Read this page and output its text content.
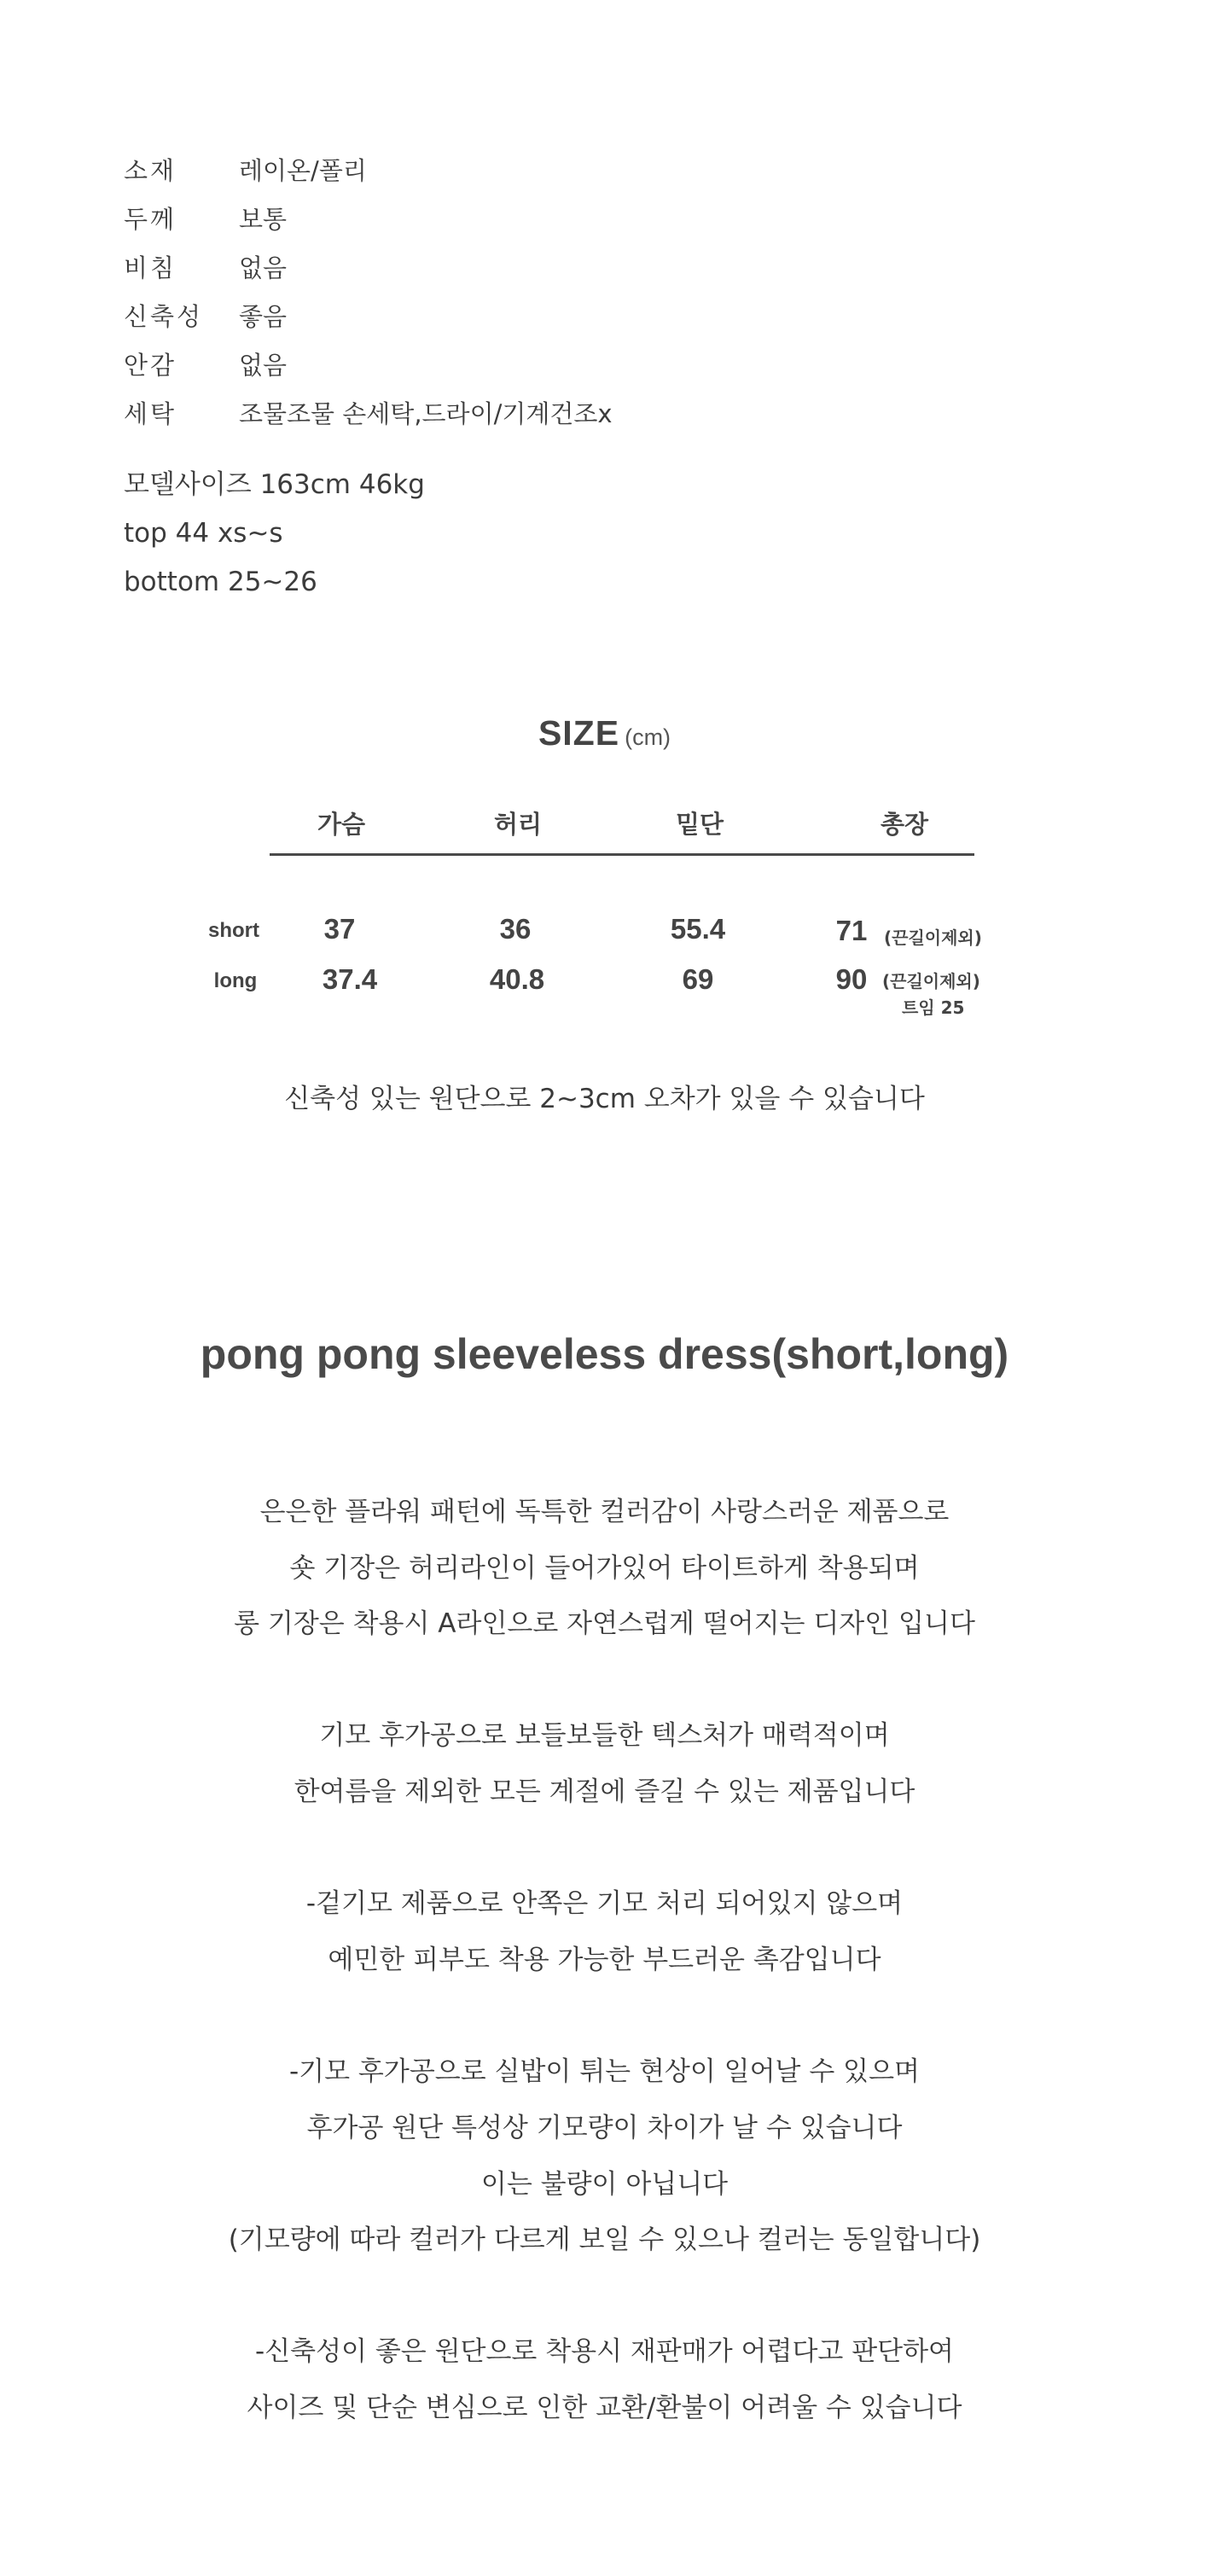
소재	레이온/폴리
두께	보통
비침	없음
신축성 좋음
안감	없음
세탁	조물조물 손세탁,드라이/기계건조x
모델사이즈 163cm 46kg
top 44 xs~s
bottom 25~26
SIZE (cm)
가슴	허리	밑단	총장
short	37	36	55.4	71 (끈길이제외)
long	37.4	40.8	69	90 (끈길이제외)
트임 25
신축성 있는 원단으로 2~3cm 오차가 있을 수 있습니다
pong pong sleeveless dress(short,long)
은은한 플라워 패턴에 독특한 컬러감이 사랑스러운 제품으로
숏 기장은 허리라인이 들어가있어 타이트하게 착용되며
롱 기장은 착용시 A라인으로 자연스럽게 떨어지는 디자인 입니다
기모 후가공으로 보들보들한 텍스처가 매력적이며
한여름을 제외한 모든 계절에 즐길 수 있는 제품입니다
-겉기모 제품으로 안쪽은 기모 처리 되어있지 않으며
예민한 피부도 착용 가능한 부드러운 촉감입니다
-기모 후가공으로 실밥이 튀는 현상이 일어날 수 있으며
후가공 원단 특성상 기모량이 차이가 날 수 있습니다
이는 불량이 아닙니다
(기모량에 따라 컬러가 다르게 보일 수 있으나 컬러는 동일합니다)
-신축성이 좋은 원단으로 착용시 재판매가 어렵다고 판단하여
사이즈 및 단순 변심으로 인한 교환/환불이 어려울 수 있습니다
